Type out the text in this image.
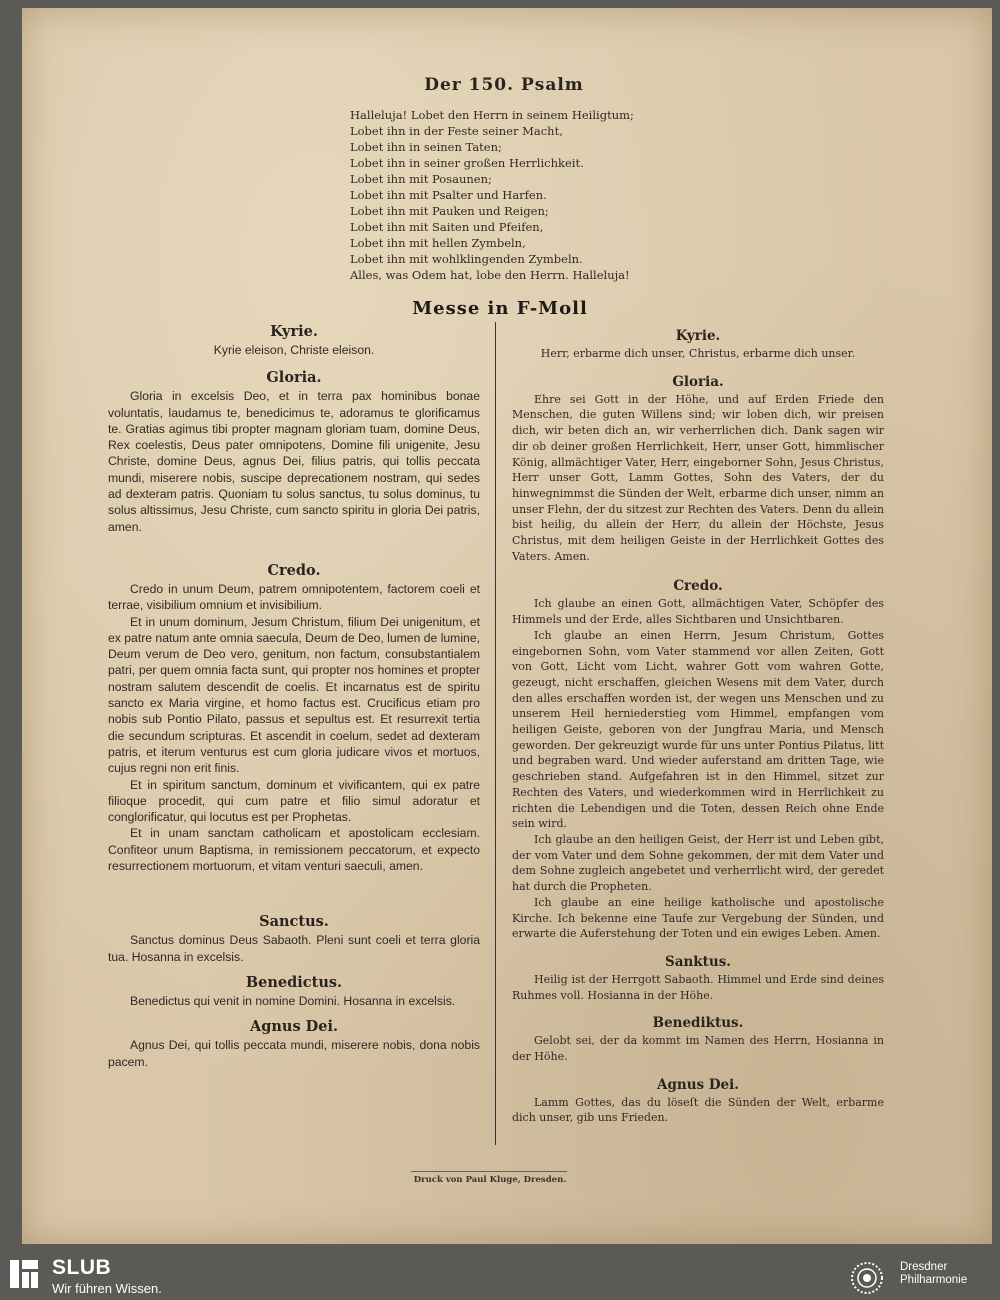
Der 150. Psalm
Halleluja! Lobet den Herrn in seinem Heiligtum;
Lobet ihn in der Feste seiner Macht,
Lobet ihn in seinen Taten;
Lobet ihn in seiner großen Herrlichkeit.
Lobet ihn mit Posaunen;
Lobet ihn mit Psalter und Harfen.
Lobet ihn mit Pauken und Reigen;
Lobet ihn mit Saiten und Pfeifen,
Lobet ihn mit hellen Zymbeln,
Lobet ihn mit wohlklingenden Zymbeln.
Alles, was Odem hat, lobe den Herrn. Halleluja!
Messe in F-Moll
Kyrie.

Kyrie eleison, Christe eleison.

Gloria.

Gloria in excelsis Deo, et in terra pax hominibus bonae voluntatis, laudamus te, benedicimus te, adoramus te glorificamus te. Gratias agimus tibi propter magnam gloriam tuam, domine Deus, Rex coelestis, Deus pater omnipotens, Domine fili unigenite, Jesu Christe, domine Deus, agnus Dei, filius patris, qui tollis peccata mundi, miserere nobis, suscipe deprecationem nostram, qui sedes ad dexteram patris. Quoniam tu solus sanctus, tu solus dominus, tu solus altissimus, Jesu Christe, cum sancto spiritu in gloria Dei patris, amen.

Credo.

Credo in unum Deum, patrem omnipotentem, factorem coeli et terrae, visibilium omnium et invisibilium.

Et in unum dominum, Jesum Christum, filium Dei unigenitum, et ex patre natum ante omnia saecula, Deum de Deo, lumen de lumine, Deum verum de Deo vero, genitum, non factum, consubstantialem patri, per quem omnia facta sunt, qui propter nos homines et propter nostram salutem descendit de coelis. Et incarnatus est de spiritu sancto ex Maria virgine, et homo factus est. Crucificus etiam pro nobis sub Pontio Pilato, passus et sepultus est. Et resurrexit tertia die secundum scripturas. Et ascendit in coelum, sedet ad dexteram patris, et iterum venturus est cum gloria judicare vivos et mortuos, cujus regni non erit finis.

Et in spiritum sanctum, dominum et vivificantem, qui ex patre filioque procedit, qui cum patre et filio simul adoratur et conglorificatur, qui locutus est per Prophetas.

Et in unam sanctam catholicam et apostolicam ecclesiam. Confiteor unum Baptisma, in remissionem peccatorum, et expecto resurrectionem mortuorum, et vitam venturi saeculi, amen.

Sanctus.

Sanctus dominus Deus Sabaoth. Pleni sunt coeli et terra gloria tua. Hosanna in excelsis.

Benedictus.

Benedictus qui venit in nomine Domini. Hosanna in excelsis.

Agnus Dei.

Agnus Dei, qui tollis peccata mundi, miserere nobis, dona nobis pacem.

Kyrie.

Herr, erbarme dich unser, Christus, erbarme dich unser.

Gloria.

Ehre sei Gott in der Höhe, und auf Erden Friede den Menschen, die guten Willens sind; wir loben dich, wir preisen dich, wir beten dich an, wir verherrlichen dich. Dank sagen wir dir ob deiner großen Herrlichkeit, Herr, unser Gott, himmlischer König, allmächtiger Vater, Herr, eingeborner Sohn, Jesus Christus, Herr unser Gott, Lamm Gottes, Sohn des Vaters, der du hinwegnimmst die Sünden der Welt, erbarme dich unser, nimm an unser Flehn, der du sitzest zur Rechten des Vaters. Denn du allein bist heilig, du allein der Herr, du allein der Höchste, Jesus Christus, mit dem heiligen Geiste in der Herrlichkeit Gottes des Vaters. Amen.

Credo.

Ich glaube an einen Gott, allmächtigen Vater, Schöpfer des Himmels und der Erde, alles Sichtbaren und Unsichtbaren.

Ich glaube an einen Herrn, Jesum Christum, Gottes eingebornen Sohn, vom Vater stammend vor allen Zeiten, Gott von Gott, Licht vom Licht, wahrer Gott vom wahren Gotte, gezeugt, nicht erschaffen, gleichen Wesens mit dem Vater, durch den alles erschaffen worden ist, der wegen uns Menschen und zu unserem Heil herniederstieg vom Himmel, empfangen vom heiligen Geiste, geboren von der Jungfrau Maria, und Mensch geworden. Der gekreuzigt wurde für uns unter Pontius Pilatus, litt und begraben ward. Und wieder auferstand am dritten Tage, wie geschrieben stand. Aufgefahren ist in den Himmel, sitzet zur Rechten des Vaters, und wiederkommen wird in Herrlichkeit zu richten die Lebendigen und die Toten, dessen Reich ohne Ende sein wird.

Ich glaube an den heiligen Geist, der Herr ist und Leben gibt, der vom Vater und dem Sohne gekommen, der mit dem Vater und dem Sohne zugleich angebetet und verherrlicht wird, der geredet hat durch die Propheten.

Ich glaube an eine heilige katholische und apostolische Kirche. Ich bekenne eine Taufe zur Vergebung der Sünden, und erwarte die Auferstehung der Toten und ein ewiges Leben. Amen.

Sanktus.

Heilig ist der Herrgott Sabaoth. Himmel und Erde sind deines Ruhmes voll. Hosianna in der Höhe.

Benediktus.

Gelobt sei, der da kommt im Namen des Herrn, Hosianna in der Höhe.

Agnus Dei.

Lamm Gottes, das du löseſt die Sünden der Welt, erbarme dich unser, gib uns Frieden.

Druck von Paul Kluge, Dresden.
SLUB
Wir führen Wissen.
Dresdner
Philharmonie
